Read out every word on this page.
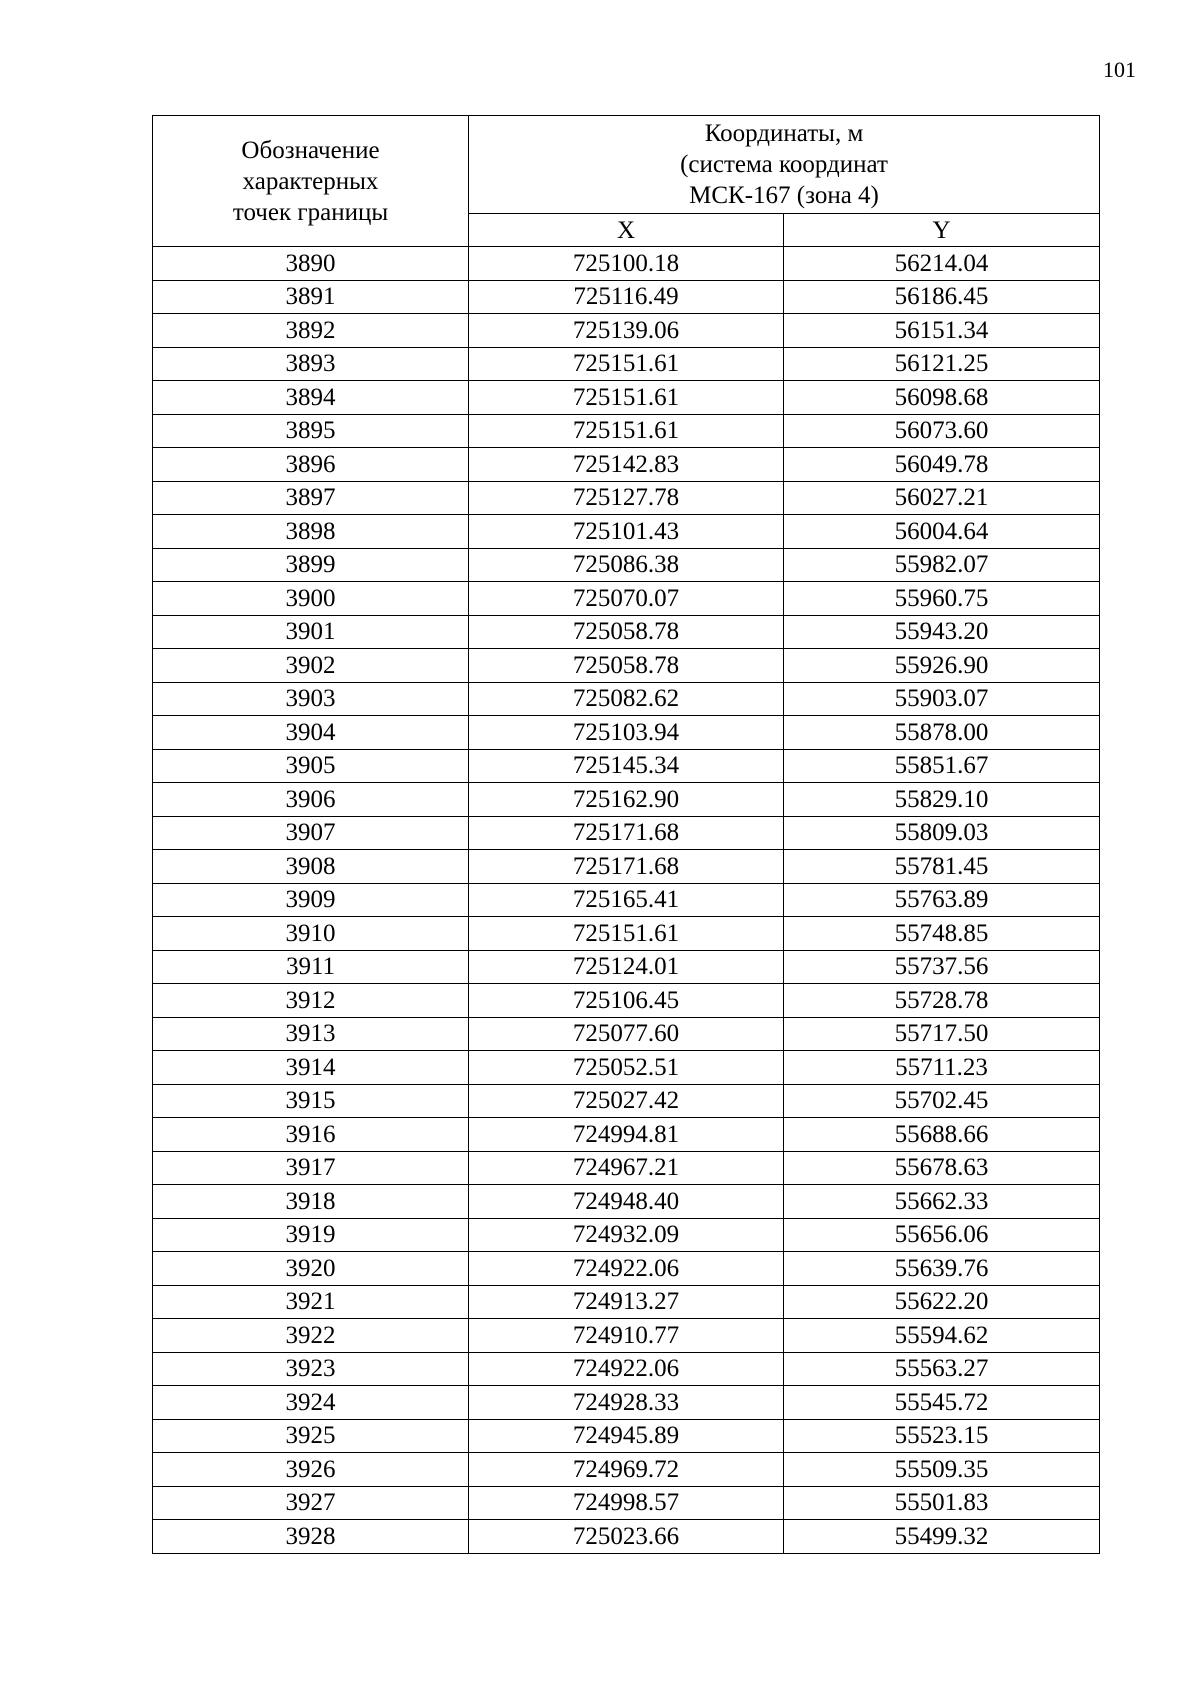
101
Обозначение
характерных
точек границы	Координаты, м
(система координат
МСК-167 (зона 4)	

	X	Y
3890	725100.18	56214.04
3891	725116.49	56186.45
3892	725139.06	56151.34
3893	725151.61	56121.25
3894	725151.61	56098.68
3895	725151.61	56073.60
3896	725142.83	56049.78
3897	725127.78	56027.21
3898	725101.43	56004.64
3899	725086.38	55982.07
3900	725070.07	55960.75
3901	725058.78	55943.20
3902	725058.78	55926.90
3903	725082.62	55903.07
3904	725103.94	55878.00
3905	725145.34	55851.67
3906	725162.90	55829.10
3907	725171.68	55809.03
3908	725171.68	55781.45
3909	725165.41	55763.89
3910	725151.61	55748.85
3911	725124.01	55737.56
3912	725106.45	55728.78
3913	725077.60	55717.50
3914	725052.51	55711.23
3915	725027.42	55702.45
3916	724994.81	55688.66
3917	724967.21	55678.63
3918	724948.40	55662.33
3919	724932.09	55656.06
3920	724922.06	55639.76
3921	724913.27	55622.20
3922	724910.77	55594.62
3923	724922.06	55563.27
3924	724928.33	55545.72
3925	724945.89	55523.15
3926	724969.72	55509.35
3927	724998.57	55501.83
3928	725023.66	55499.32
